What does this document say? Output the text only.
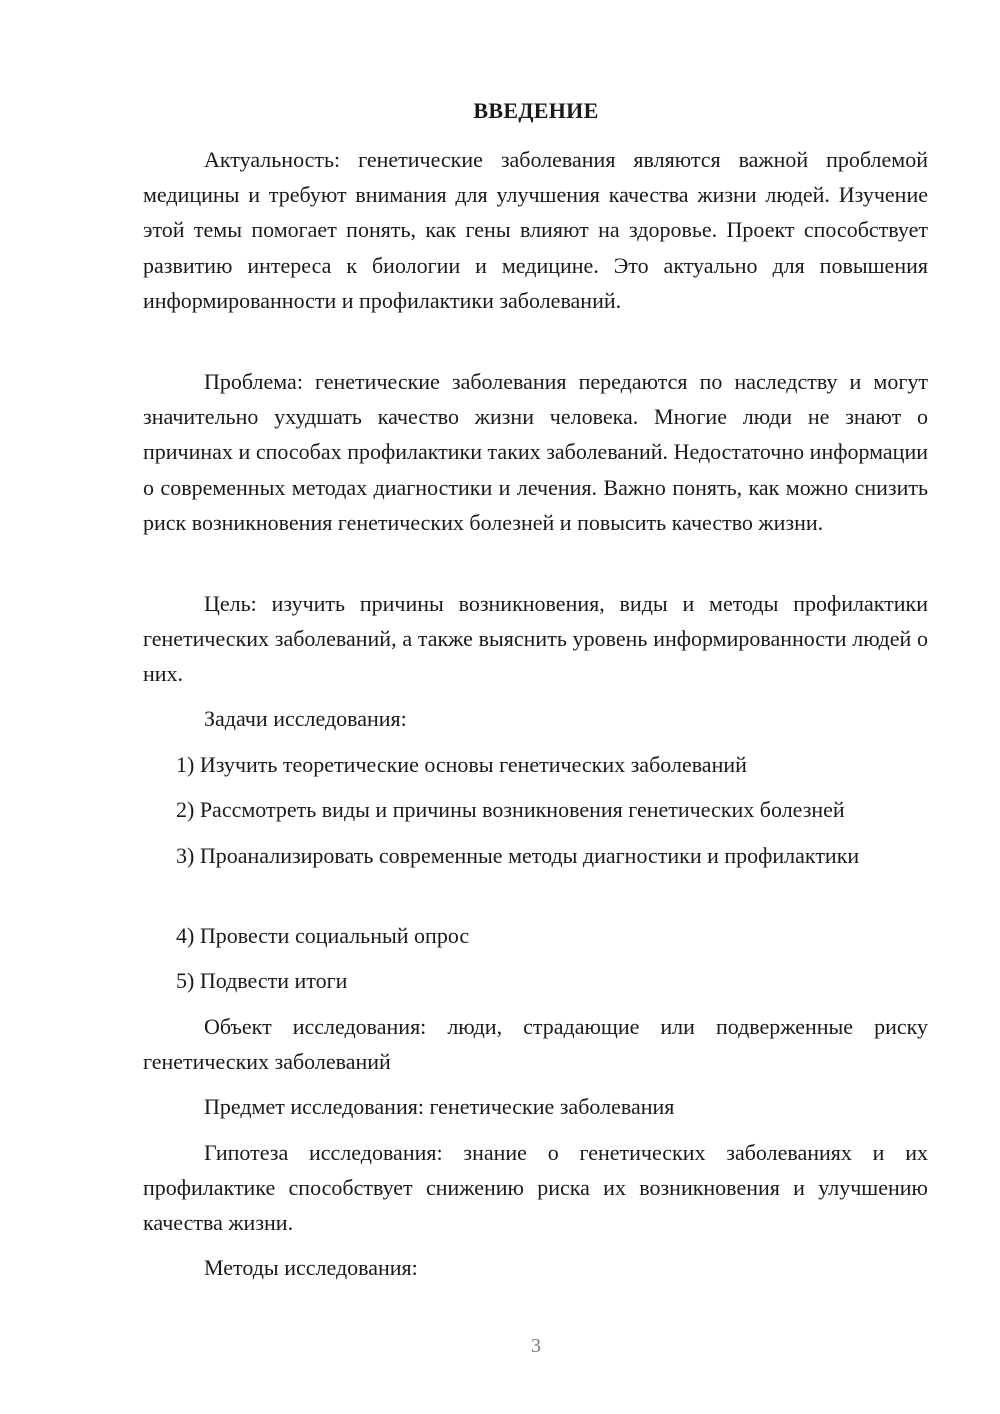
ВВЕДЕНИЕ

Актуальность: генетические заболевания являются важной проблемой медицины и требуют внимания для улучшения качества жизни людей. Изучение этой темы помогает понять, как гены влияют на здоровье. Проект способствует развитию интереса к биологии и медицине. Это актуально для повышения информированности и профилактики заболеваний.

Проблема: генетические заболевания передаются по наследству и могут значительно ухудшать качество жизни человека. Многие люди не знают о причинах и способах профилактики таких заболеваний. Недостаточно информации о современных методах диагностики и лечения. Важно понять, как можно снизить риск возникновения генетических болезней и повысить качество жизни.

Цель: изучить причины возникновения, виды и методы профилактики генетических заболеваний, а также выяснить уровень информированности людей о них.

Задачи исследования:

1) Изучить теоретические основы генетических заболеваний

2) Рассмотреть виды и причины возникновения генетических болезней

3) Проанализировать современные методы диагностики и профилактики

4) Провести социальный опрос

5) Подвести итоги

Объект исследования: люди, страдающие или подверженные риску генетических заболеваний

Предмет исследования: генетические заболевания

Гипотеза исследования: знание о генетических заболеваниях и их профилактике способствует снижению риска их возникновения и улучшению качества жизни.

Методы исследования:

3
